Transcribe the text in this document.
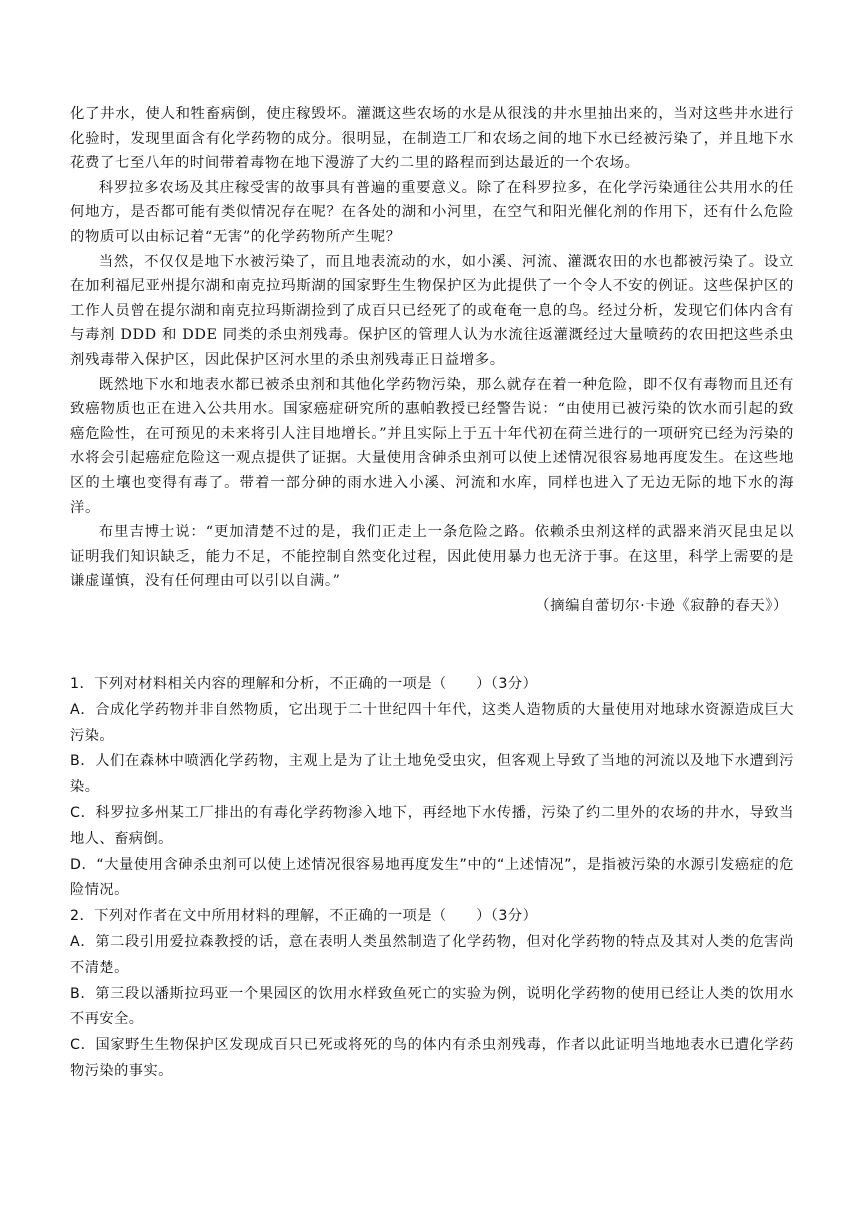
化了井水，使人和牲畜病倒，使庄稼毁坏。灌溉这些农场的水是从很浅的井水里抽出来的，当对这些井水进行化验时，发现里面含有化学药物的成分。很明显，在制造工厂和农场之间的地下水已经被污染了，并且地下水花费了七至八年的时间带着毒物在地下漫游了大约二里的路程而到达最近的一个农场。

科罗拉多农场及其庄稼受害的故事具有普遍的重要意义。除了在科罗拉多，在化学污染通往公共用水的任何地方，是否都可能有类似情况存在呢？在各处的湖和小河里，在空气和阳光催化剂的作用下，还有什么危险的物质可以由标记着“无害”的化学药物所产生呢？

当然，不仅仅是地下水被污染了，而且地表流动的水，如小溪、河流、灌溉农田的水也都被污染了。设立在加利福尼亚州提尔湖和南克拉玛斯湖的国家野生生物保护区为此提供了一个令人不安的例证。这些保护区的工作人员曾在提尔湖和南克拉玛斯湖捡到了成百只已经死了的或奄奄一息的鸟。经过分析，发现它们体内含有与毒剂 DDD 和 DDE 同类的杀虫剂残毒。保护区的管理人认为水流往返灌溉经过大量喷药的农田把这些杀虫剂残毒带入保护区，因此保护区河水里的杀虫剂残毒正日益增多。

既然地下水和地表水都已被杀虫剂和其他化学药物污染，那么就存在着一种危险，即不仅有毒物而且还有致癌物质也正在进入公共用水。国家癌症研究所的惠帕教授已经警告说：“由使用已被污染的饮水而引起的致癌危险性，在可预见的未来将引人注目地增长。”并且实际上于五十年代初在荷兰进行的一项研究已经为污染的水将会引起癌症危险这一观点提供了证据。大量使用含砷杀虫剂可以使上述情况很容易地再度发生。在这些地区的土壤也变得有毒了。带着一部分砷的雨水进入小溪、河流和水库，同样也进入了无边无际的地下水的海洋。

布里吉博士说：“更加清楚不过的是，我们正走上一条危险之路。依赖杀虫剂这样的武器来消灭昆虫足以证明我们知识缺乏，能力不足，不能控制自然变化过程，因此使用暴力也无济于事。在这里，科学上需要的是谦虚谨慎，没有任何理由可以引以自满。”

（摘编自蕾切尔·卡逊《寂静的春天》）

1．下列对材料相关内容的理解和分析，不正确的一项是（　　）（3分）

A．合成化学药物并非自然物质，它出现于二十世纪四十年代，这类人造物质的大量使用对地球水资源造成巨大污染。

B．人们在森林中喷洒化学药物，主观上是为了让土地免受虫灾，但客观上导致了当地的河流以及地下水遭到污染。

C．科罗拉多州某工厂排出的有毒化学药物渗入地下，再经地下水传播，污染了约二里外的农场的井水，导致当地人、畜病倒。

D．“大量使用含砷杀虫剂可以使上述情况很容易地再度发生”中的“上述情况”，是指被污染的水源引发癌症的危险情况。

2．下列对作者在文中所用材料的理解，不正确的一项是（　　）（3分）

A．第二段引用爱拉森教授的话，意在表明人类虽然制造了化学药物，但对化学药物的特点及其对人类的危害尚不清楚。

B．第三段以潘斯拉玛亚一个果园区的饮用水样致鱼死亡的实验为例，说明化学药物的使用已经让人类的饮用水不再安全。

C．国家野生生物保护区发现成百只已死或将死的鸟的体内有杀虫剂残毒，作者以此证明当地地表水已遭化学药物污染的事实。
